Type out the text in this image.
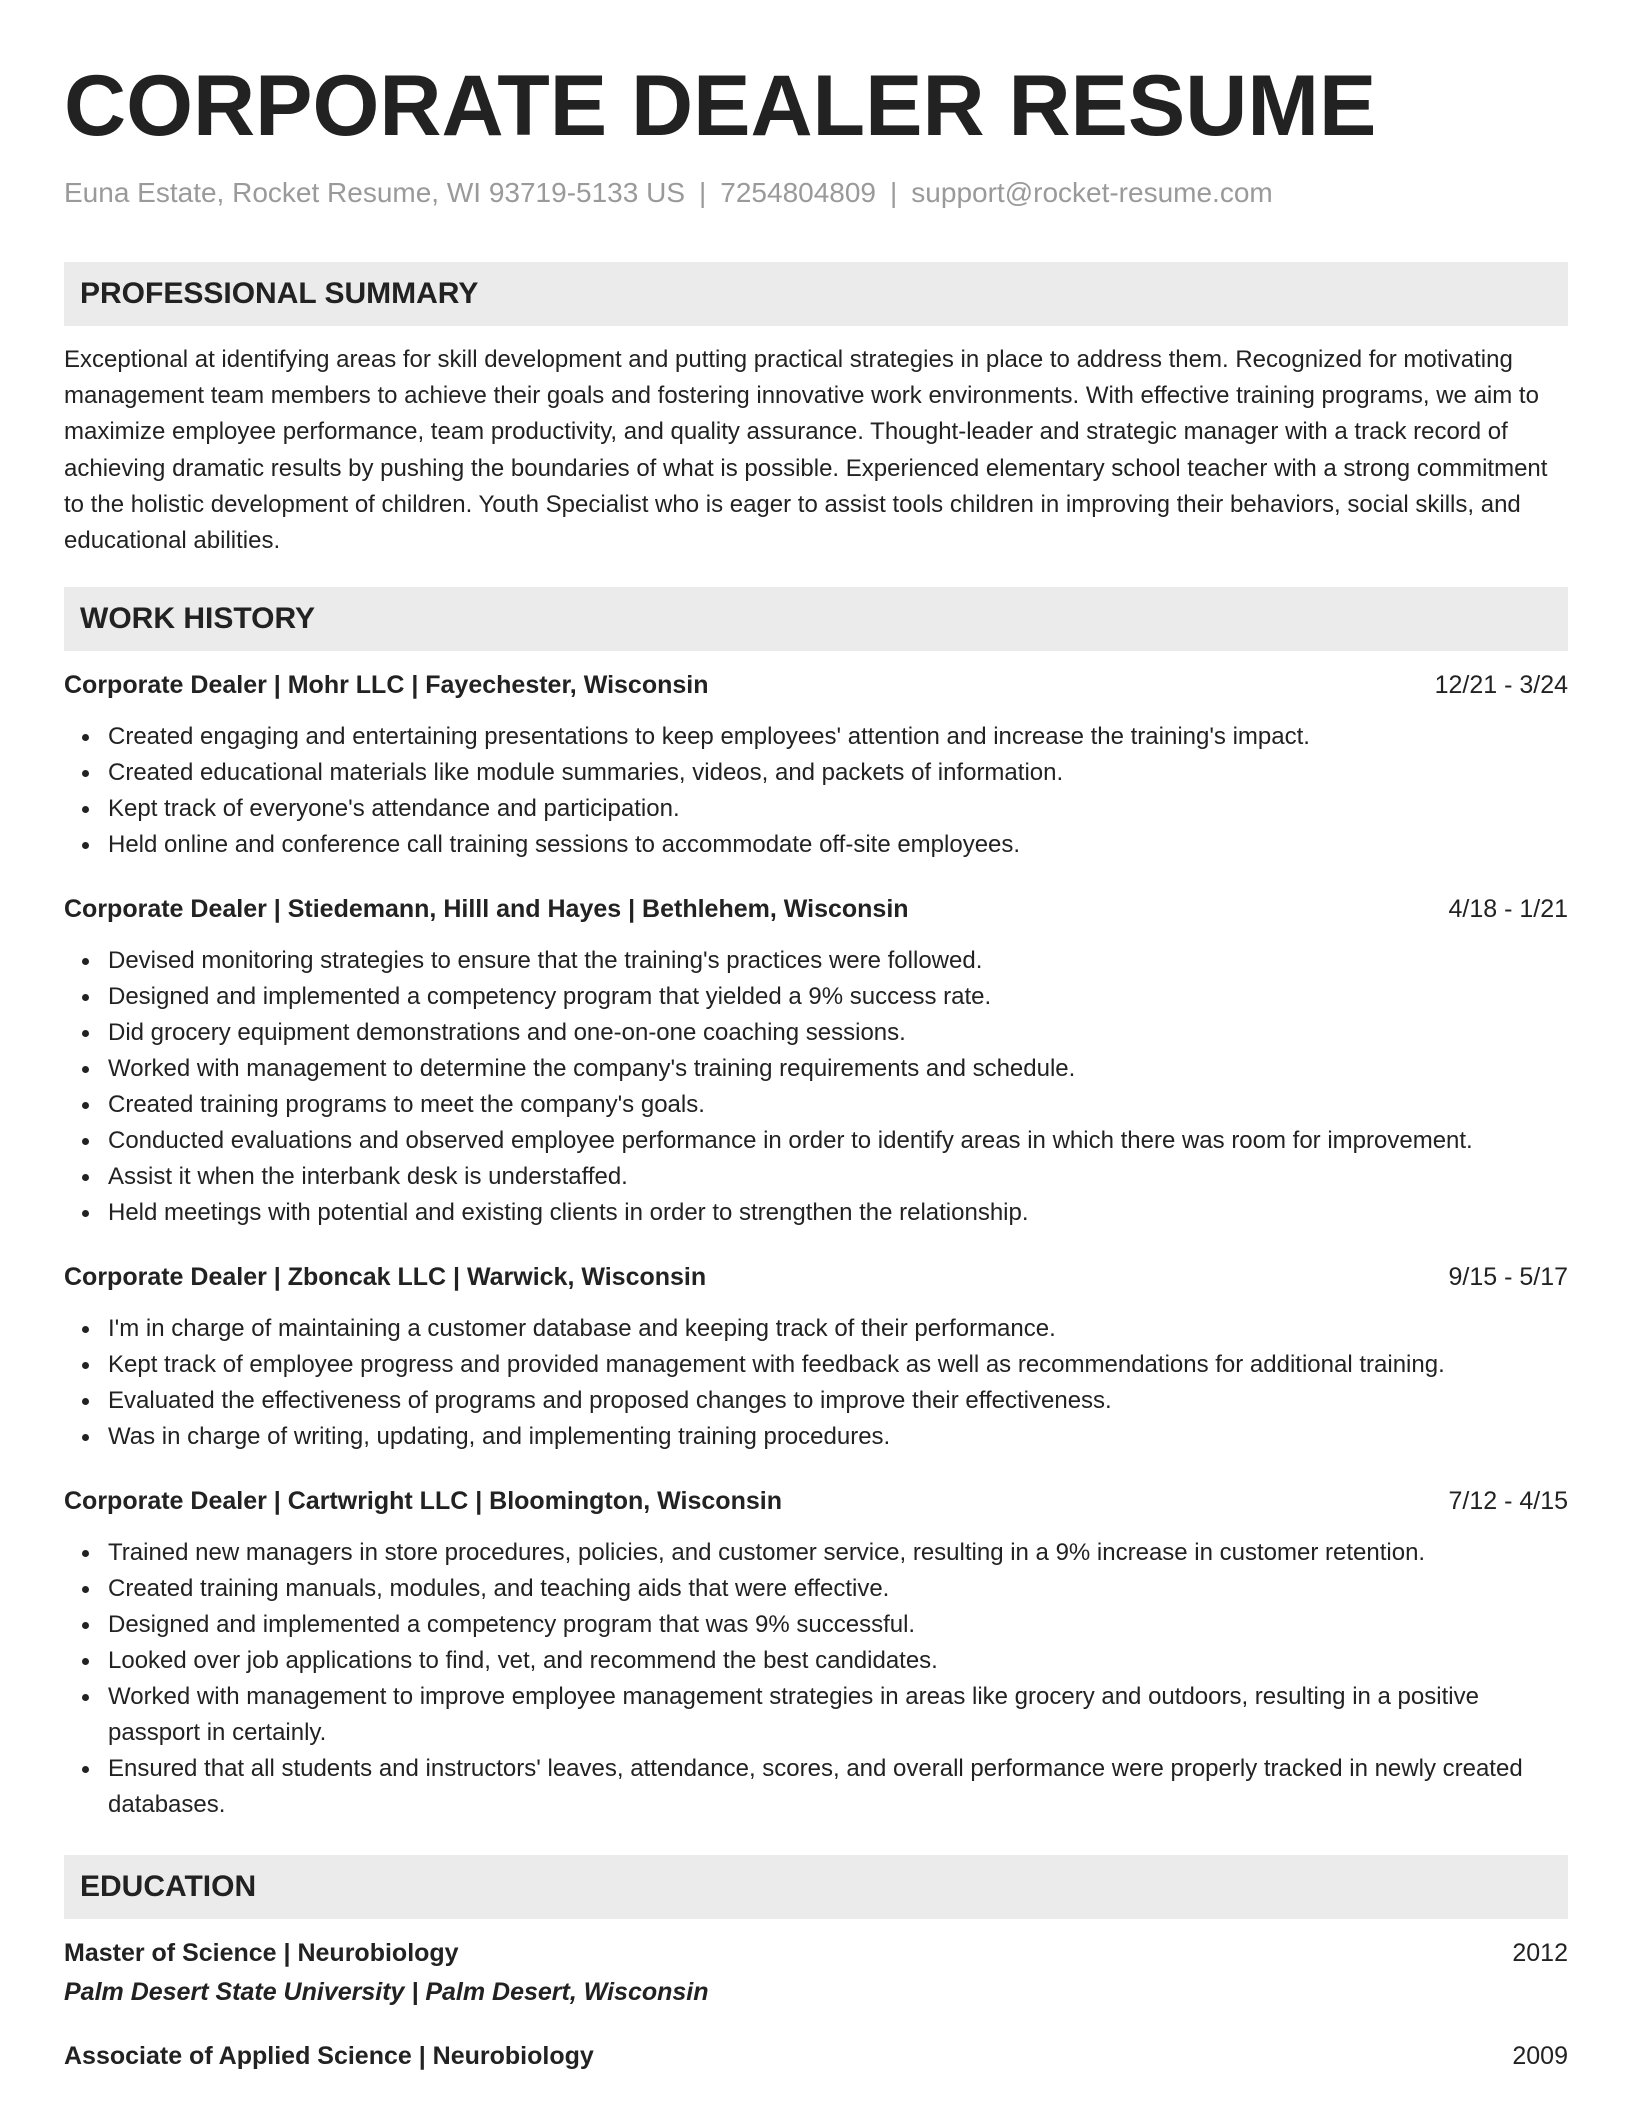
CORPORATE DEALER RESUME
Euna Estate, Rocket Resume, WI 93719-5133 US | 7254804809 | support@rocket-resume.com
PROFESSIONAL SUMMARY

Exceptional at identifying areas for skill development and putting practical strategies in place to address them. Recognized for motivating management team members to achieve their goals and fostering innovative work environments. With effective training programs, we aim to maximize employee performance, team productivity, and quality assurance. Thought-leader and strategic manager with a track record of achieving dramatic results by pushing the boundaries of what is possible. Experienced elementary school teacher with a strong commitment to the holistic development of children. Youth Specialist who is eager to assist tools children in improving their behaviors, social skills, and educational abilities.

WORK HISTORY
Corporate Dealer | Mohr LLC | Fayechester, Wisconsin	12/21 - 3/24
Created engaging and entertaining presentations to keep employees' attention and increase the training's impact.
Created educational materials like module summaries, videos, and packets of information.
Kept track of everyone's attendance and participation.
Held online and conference call training sessions to accommodate off-site employees.
Corporate Dealer | Stiedemann, Hilll and Hayes | Bethlehem, Wisconsin	4/18 - 1/21
Devised monitoring strategies to ensure that the training's practices were followed.
Designed and implemented a competency program that yielded a 9% success rate.
Did grocery equipment demonstrations and one-on-one coaching sessions.
Worked with management to determine the company's training requirements and schedule.
Created training programs to meet the company's goals.
Conducted evaluations and observed employee performance in order to identify areas in which there was room for improvement.
Assist it when the interbank desk is understaffed.
Held meetings with potential and existing clients in order to strengthen the relationship.
Corporate Dealer | Zboncak LLC | Warwick, Wisconsin	9/15 - 5/17
I'm in charge of maintaining a customer database and keeping track of their performance.
Kept track of employee progress and provided management with feedback as well as recommendations for additional training.
Evaluated the effectiveness of programs and proposed changes to improve their effectiveness.
Was in charge of writing, updating, and implementing training procedures.
Corporate Dealer | Cartwright LLC | Bloomington, Wisconsin	7/12 - 4/15
Trained new managers in store procedures, policies, and customer service, resulting in a 9% increase in customer retention.
Created training manuals, modules, and teaching aids that were effective.
Designed and implemented a competency program that was 9% successful.
Looked over job applications to find, vet, and recommend the best candidates.
Worked with management to improve employee management strategies in areas like grocery and outdoors, resulting in a positive passport in certainly.
Ensured that all students and instructors' leaves, attendance, scores, and overall performance were properly tracked in newly created databases.
EDUCATION
Master of Science | Neurobiology	2012
Palm Desert State University | Palm Desert, Wisconsin
Associate of Applied Science | Neurobiology	2009
